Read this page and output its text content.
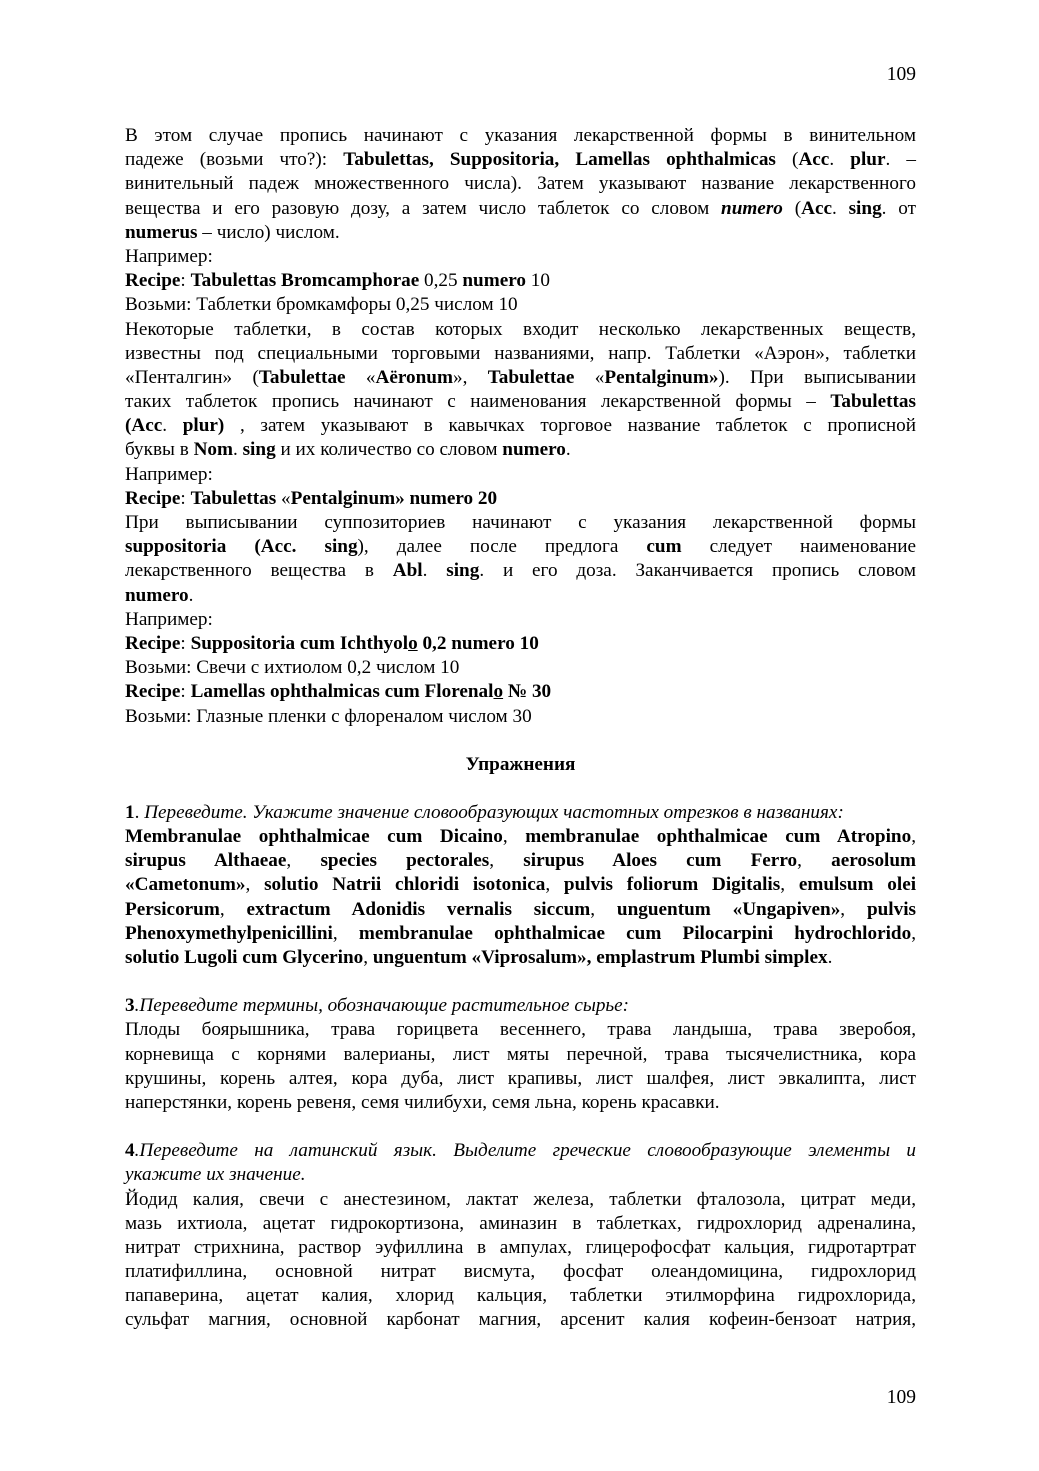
109
В этом случае пропись начинают с указания лекарственной формы в винительном
падеже (возьми что?): Tabulettas, Suppositoria, Lamellas ophthalmicas (Acc. plur. –
винительный падеж множественного числа). Затем указывают название лекарственного
вещества и его разовую дозу, а затем число таблеток со словом numero (Acc. sing. от
numerus – число) числом.
Например:
Recipe: Tabulettas Bromcamphorae 0,25 numero 10
Возьми: Таблетки бромкамфоры 0,25 числом 10
Некоторые таблетки, в состав которых входит несколько лекарственных веществ,
известны под специальными торговыми названиями, напр. Таблетки «Аэрон», таблетки
«Пенталгин» (Tabulettae «Aёronum», Tabulettae «Pentalginum»). При выписывании
таких таблеток пропись начинают с наименования лекарственной формы – Tabulettas
(Acc. plur) , затем указывают в кавычках торговое название таблеток с прописной
буквы в Nom. sing и их количество со словом numero.
Например:
Recipe: Tabulettas «Pentalginum» numero 20
При выписывании суппозиториев начинают с указания лекарственной формы
suppositoria (Acc. sing), далее после предлога cum следует наименование
лекарственного вещества в Abl. sing. и его доза. Заканчивается пропись словом
numero.
Например:
Recipe: Suppositoria cum Ichthyolo 0,2 numero 10
Возьми: Свечи с ихтиолом 0,2 числом 10
Recipe: Lamellas ophthalmicas cum Florenalo № 30
Возьми: Глазные пленки с флореналом числом 30
Упражнения
1. Переведите. Укажите значение словообразующих частотных отрезков в названиях:
Membranulae ophthalmicae cum Dicaino, membranulae ophthalmicae cum Atropino,
sirupus Althaeae, species pectorales, sirupus Aloes cum Ferro, aerosolum
«Cametonum», solutio Natrii chloridi isotonica, pulvis foliorum Digitalis, emulsum olei
Persicorum, extractum Adonidis vernalis siccum, unguentum «Ungapiven», pulvis
Phenoxymethylpenicillini, membranulae ophthalmicae cum Pilocarpini hydrochlorido,
solutio Lugoli cum Glycerino, unguentum «Viprosalum», emplastrum Plumbi simplex.
3.Переведите термины, обозначающие растительное сырье:
Плоды боярышника, трава горицвета весеннего, трава ландыша, трава зверобоя,
корневища с корнями валерианы, лист мяты перечной, трава тысячелистника, кора
крушины, корень алтея, кора дуба, лист крапивы, лист шалфея, лист эвкалипта, лист
наперстянки, корень ревеня, семя чилибухи, семя льна, корень красавки.
4.Переведите на латинский язык. Выделите греческие словообразующие элементы и
укажите их значение.
Йодид калия, свечи с анестезином, лактат железа, таблетки фталозола, цитрат меди,
мазь ихтиола, ацетат гидрокортизона, аминазин в таблетках, гидрохлорид адреналина,
нитрат стрихнина, раствор эуфиллина в ампулах, глицерофосфат кальция, гидротартрат
платифиллина, основной нитрат висмута, фосфат олеандомицина, гидрохлорид
папаверина, ацетат калия, хлорид кальция, таблетки этилморфина гидрохлорида,
сульфат магния, основной карбонат магния, арсенит калия кофеин-бензоат натрия,
109
